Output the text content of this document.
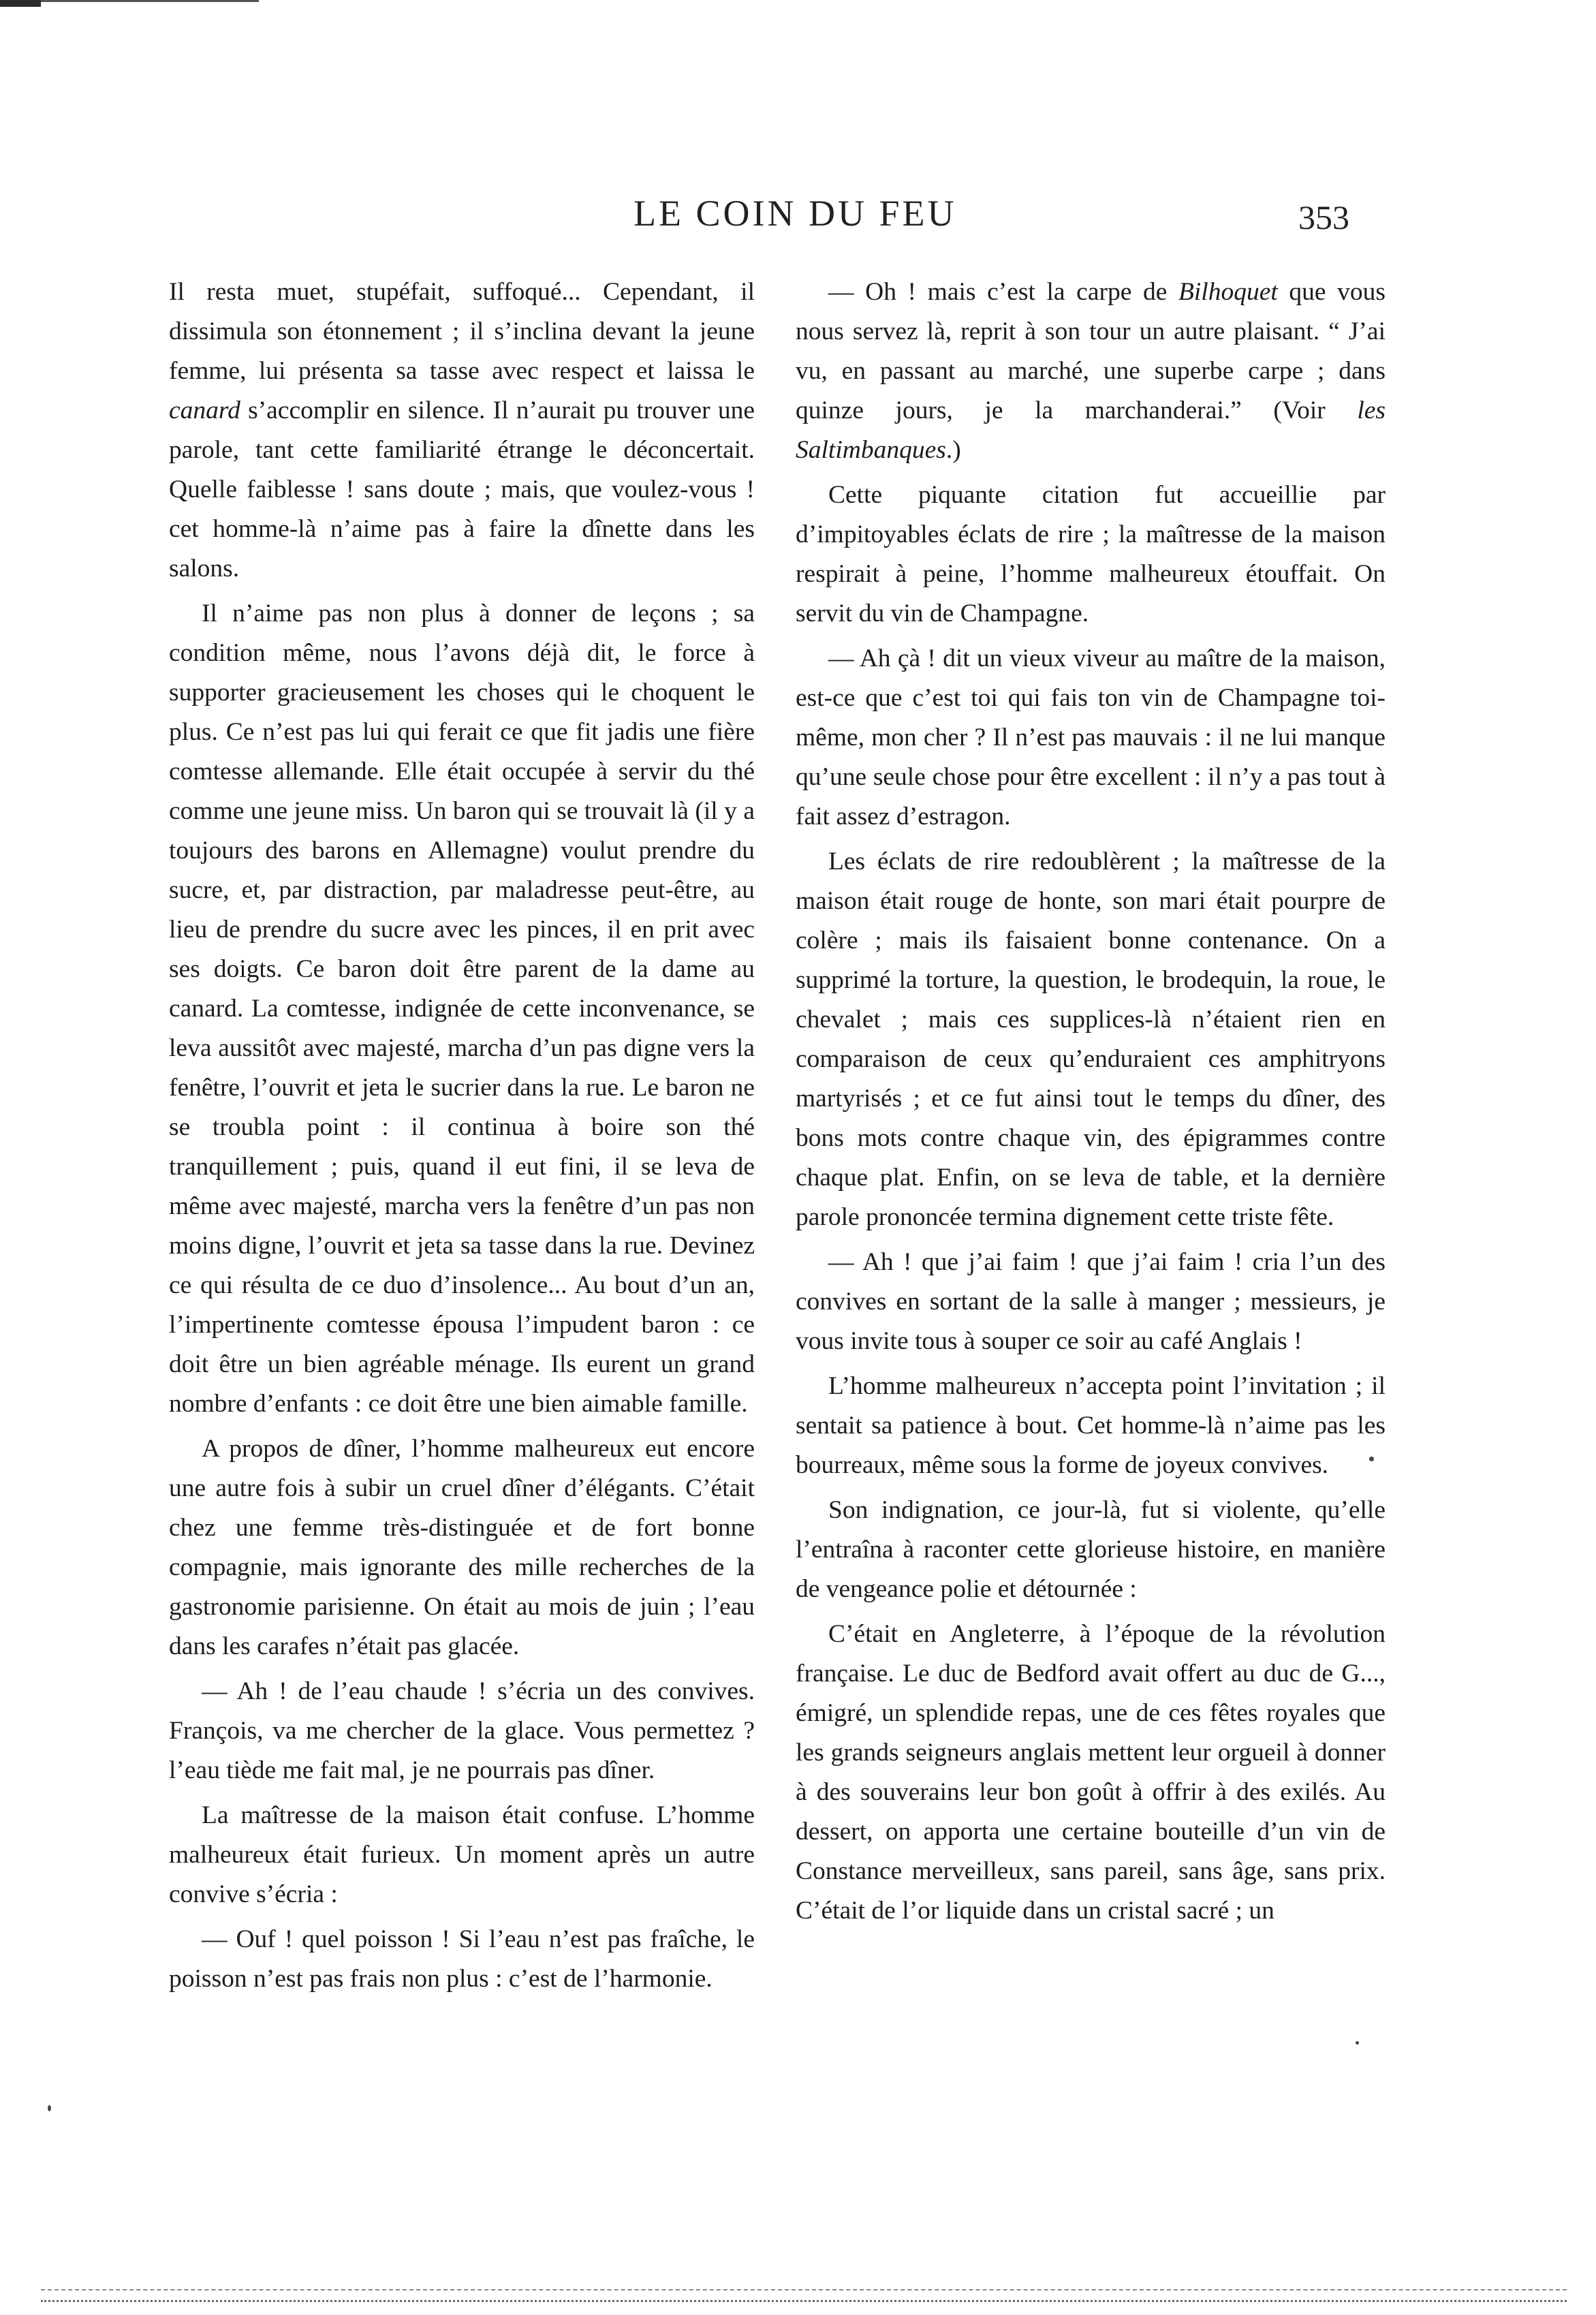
LE COIN DU FEU	353

Il resta muet, stupéfait, suffoqué... Cependant, il dissimula son étonnement ; il s’inclina devant la jeune femme, lui présenta sa tasse avec respect et laissa le canard s’accomplir en silence. Il n’aurait pu trouver une parole, tant cette familiarité étrange le déconcertait. Quelle faiblesse ! sans doute ; mais, que voulez-vous ! cet homme-là n’aime pas à faire la dînette dans les salons.

Il n’aime pas non plus à donner de leçons ; sa condition même, nous l’avons déjà dit, le force à supporter gracieusement les choses qui le choquent le plus. Ce n’est pas lui qui ferait ce que fit jadis une fière comtesse allemande. Elle était occupée à servir du thé comme une jeune miss. Un baron qui se trouvait là (il y a toujours des barons en Allemagne) voulut prendre du sucre, et, par distraction, par maladresse peut-être, au lieu de prendre du sucre avec les pinces, il en prit avec ses doigts. Ce baron doit être parent de la dame au canard. La comtesse, indignée de cette inconvenance, se leva aussitôt avec majesté, marcha d’un pas digne vers la fenêtre, l’ouvrit et jeta le sucrier dans la rue. Le baron ne se troubla point : il continua à boire son thé tranquillement ; puis, quand il eut fini, il se leva de même avec majesté, marcha vers la fenêtre d’un pas non moins digne, l’ouvrit et jeta sa tasse dans la rue. Devinez ce qui résulta de ce duo d’insolence... Au bout d’un an, l’impertinente comtesse épousa l’impudent baron : ce doit être un bien agréable ménage. Ils eurent un grand nombre d’enfants : ce doit être une bien aimable famille.

A propos de dîner, l’homme malheureux eut encore une autre fois à subir un cruel dîner d’élégants. C’était chez une femme très-distinguée et de fort bonne compagnie, mais ignorante des mille recherches de la gastronomie parisienne. On était au mois de juin ; l’eau dans les carafes n’était pas glacée.

— Ah ! de l’eau chaude ! s’écria un des convives. François, va me chercher de la glace. Vous permettez ? l’eau tiède me fait mal, je ne pourrais pas dîner.

La maîtresse de la maison était confuse. L’homme malheureux était furieux. Un moment après un autre convive s’écria :

— Ouf ! quel poisson ! Si l’eau n’est pas fraîche, le poisson n’est pas frais non plus : c’est de l’harmonie.

— Oh ! mais c’est la carpe de Bilhoquet que vous nous servez là, reprit à son tour un autre plaisant. “ J’ai vu, en passant au marché, une superbe carpe ; dans quinze jours, je la marchanderai.” (Voir les Saltimbanques.)

Cette piquante citation fut accueillie par d’impitoyables éclats de rire ; la maîtresse de la maison respirait à peine, l’homme malheureux étouffait. On servit du vin de Champagne.

— Ah çà ! dit un vieux viveur au maître de la maison, est-ce que c’est toi qui fais ton vin de Champagne toi-même, mon cher ? Il n’est pas mauvais : il ne lui manque qu’une seule chose pour être excellent : il n’y a pas tout à fait assez d’estragon.

Les éclats de rire redoublèrent ; la maîtresse de la maison était rouge de honte, son mari était pourpre de colère ; mais ils faisaient bonne contenance. On a supprimé la torture, la question, le brodequin, la roue, le chevalet ; mais ces supplices-là n’étaient rien en comparaison de ceux qu’enduraient ces amphitryons martyrisés ; et ce fut ainsi tout le temps du dîner, des bons mots contre chaque vin, des épigrammes contre chaque plat. Enfin, on se leva de table, et la dernière parole prononcée termina dignement cette triste fête.

— Ah ! que j’ai faim ! que j’ai faim ! cria l’un des convives en sortant de la salle à manger ; messieurs, je vous invite tous à souper ce soir au café Anglais !

L’homme malheureux n’accepta point l’invitation ; il sentait sa patience à bout. Cet homme-là n’aime pas les bourreaux, même sous la forme de joyeux convives.

Son indignation, ce jour-là, fut si violente, qu’elle l’entraîna à raconter cette glorieuse histoire, en manière de vengeance polie et détournée :

C’était en Angleterre, à l’époque de la révolution française. Le duc de Bedford avait offert au duc de G..., émigré, un splendide repas, une de ces fêtes royales que les grands seigneurs anglais mettent leur orgueil à donner à des souverains leur bon goût à offrir à des exilés. Au dessert, on apporta une certaine bouteille d’un vin de Constance merveilleux, sans pareil, sans âge, sans prix. C’était de l’or liquide dans un cristal sacré ; un
